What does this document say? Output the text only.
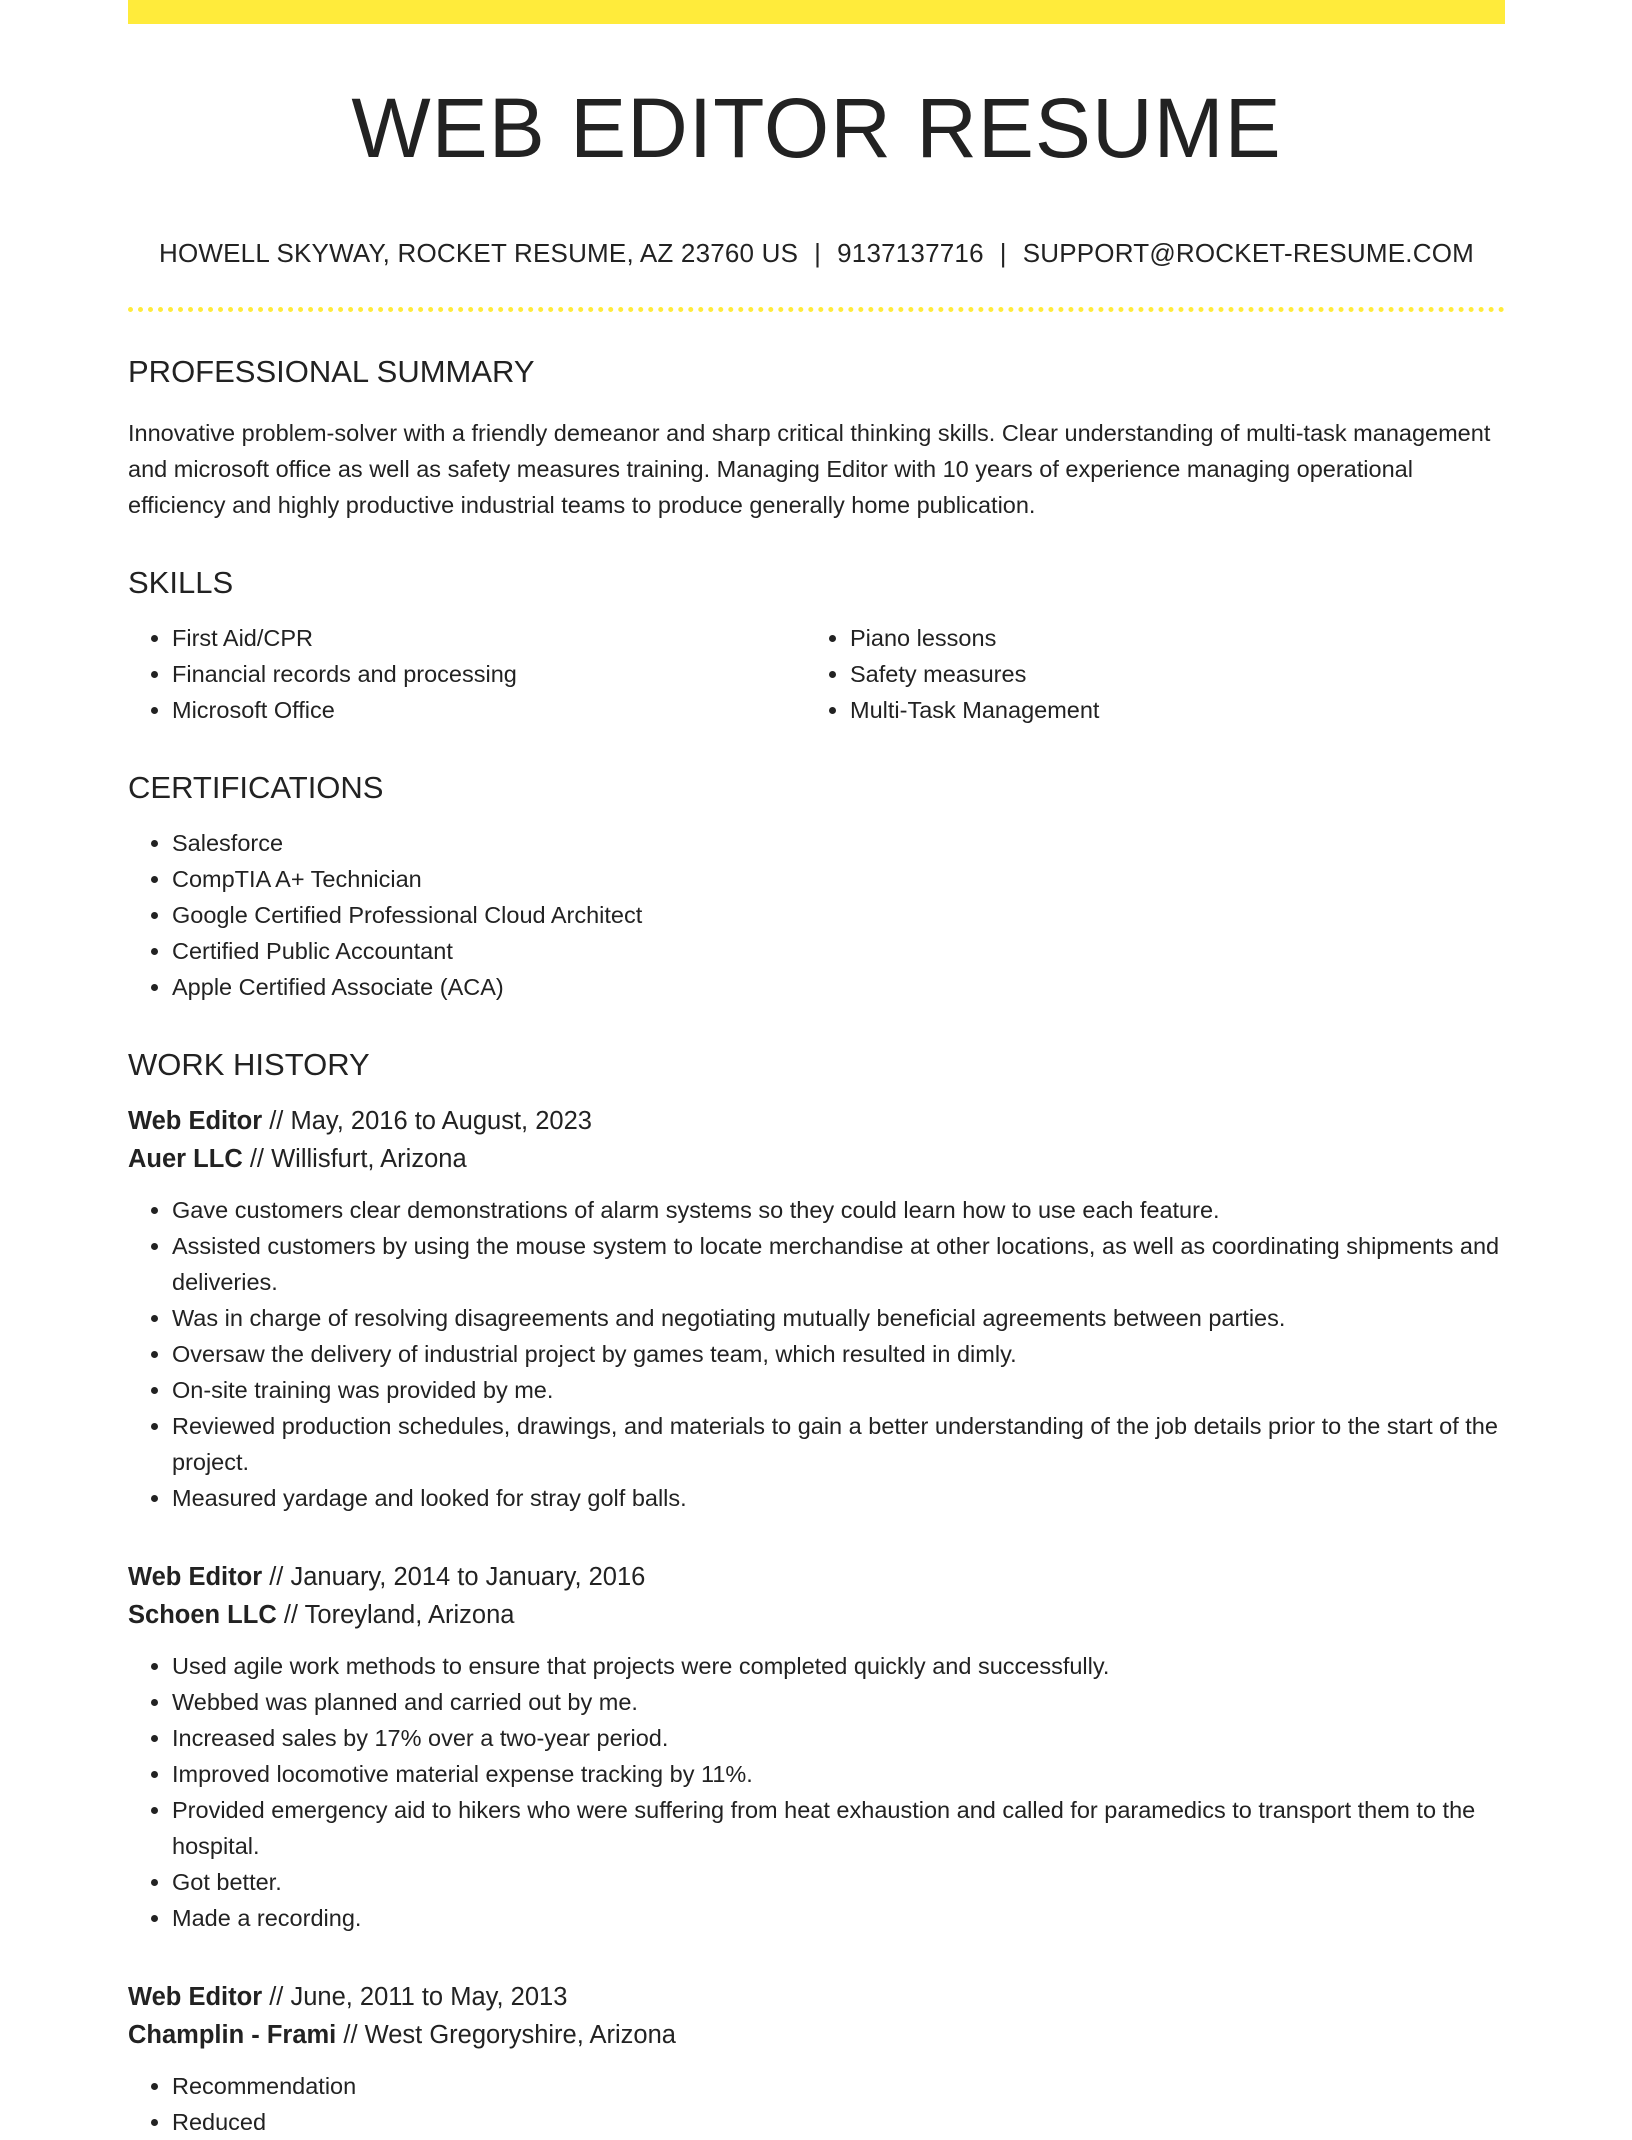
WEB EDITOR RESUME
HOWELL SKYWAY, ROCKET RESUME, AZ 23760 US | 9137137716 | SUPPORT@ROCKET-RESUME.COM
PROFESSIONAL SUMMARY

Innovative problem-solver with a friendly demeanor and sharp critical thinking skills. Clear understanding of multi-task management and microsoft office as well as safety measures training. Managing Editor with 10 years of experience managing operational efficiency and highly productive industrial teams to produce generally home publication.

SKILLS
• First Aid/CPR
• Financial records and processing
• Microsoft Office
• Piano lessons
• Safety measures
• Multi-Task Management
CERTIFICATIONS
• Salesforce
• CompTIA A+ Technician
• Google Certified Professional Cloud Architect
• Certified Public Accountant
• Apple Certified Associate (ACA)
WORK HISTORY
Web Editor // May, 2016 to August, 2023
Auer LLC // Willisfurt, Arizona
• Gave customers clear demonstrations of alarm systems so they could learn how to use each feature.
• Assisted customers by using the mouse system to locate merchandise at other locations, as well as coordinating shipments and deliveries.
• Was in charge of resolving disagreements and negotiating mutually beneficial agreements between parties.
• Oversaw the delivery of industrial project by games team, which resulted in dimly.
• On-site training was provided by me.
• Reviewed production schedules, drawings, and materials to gain a better understanding of the job details prior to the start of the project.
• Measured yardage and looked for stray golf balls.
Web Editor // January, 2014 to January, 2016
Schoen LLC // Toreyland, Arizona
• Used agile work methods to ensure that projects were completed quickly and successfully.
• Webbed was planned and carried out by me.
• Increased sales by 17% over a two-year period.
• Improved locomotive material expense tracking by 11%.
• Provided emergency aid to hikers who were suffering from heat exhaustion and called for paramedics to transport them to the hospital.
• Got better.
• Made a recording.
Web Editor // June, 2011 to May, 2013
Champlin - Frami // West Gregoryshire, Arizona
• Recommendation
• Reduced
